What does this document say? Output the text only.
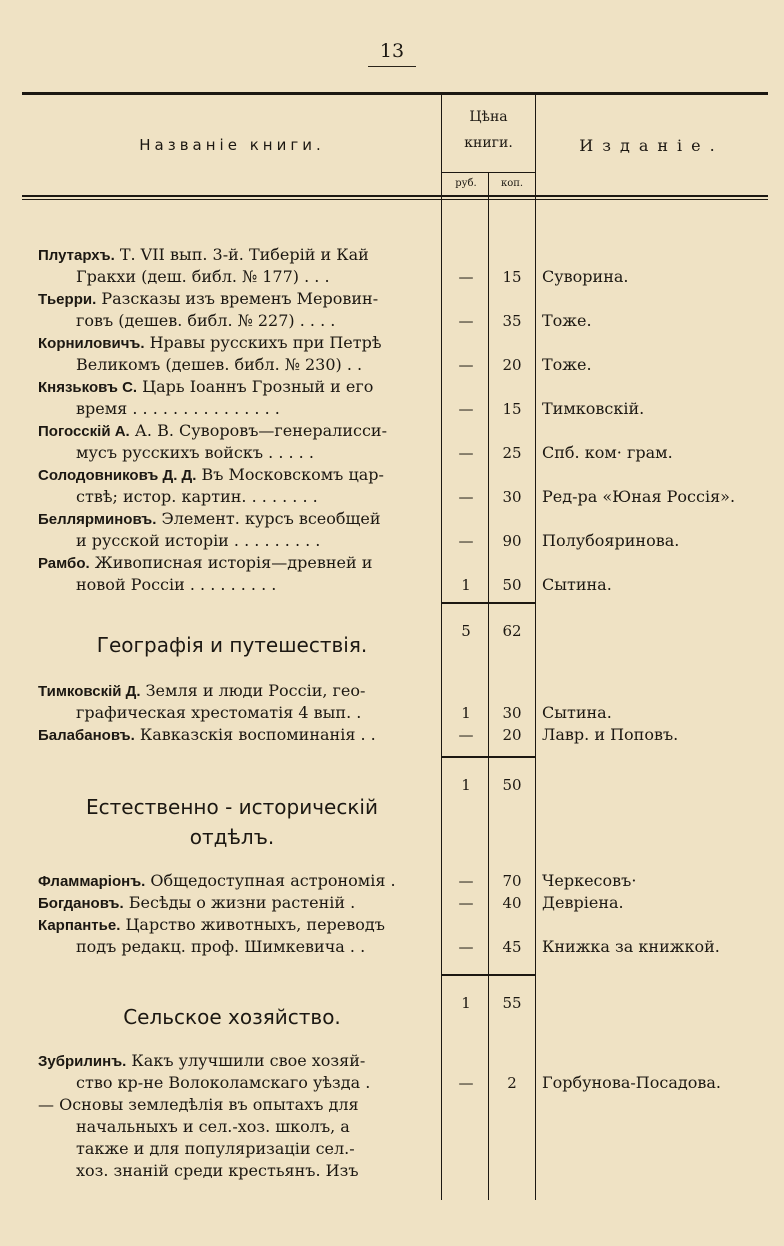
13
Названіе книги.
Цѣна
книги.
руб.	коп.
Изданіе.
Плутархъ. Т. VII вып. 3-й. Тиберій и Кай
Гракхи (деш. библ. № 177) . . .	—	15	Суворина.
Тьерри. Разсказы изъ временъ Меровин-
говъ (дешев. библ. № 227) . . . .	—	35	Тоже.
Корниловичъ. Нравы русскихъ при Петрѣ
Великомъ (дешев. библ. № 230) . .	—	20	Тоже.
Князьковъ С. Царь Іоаннъ Грозный и его
время . . . . . . . . . . . . . . .	—	15	Тимковскій.
Погосскій А. А. В. Суворовъ—генералисси-
мусъ русскихъ войскъ . . . . .	—	25	Спб. ком· грам.
Солодовниковъ Д. Д. Въ Московскомъ цар-
ствѣ; истор. картин. . . . . . . .	—	30	Ред-ра «Юная Россія».
Беллярминовъ. Элемент. курсъ всеобщей
и русской исторіи . . . . . . . . .	—	90	Полубояринова.
Рамбо. Живописная исторія—древней и
новой Россіи . . . . . . . . .	1	50	Сытина.
5	62
Географія и путешествія.
Тимковскій Д. Земля и люди Россіи, гео-
графическая хрестоматія 4 вып. .	1	30	Сытина.
Балабановъ. Кавказскія воспоминанія . .	—	20	Лавр. и Поповъ.
1	50
Естественно - историческій
отдѣлъ.
Фламмаріонъ. Общедоступная астрономія .	—	70	Черкесовъ·
Богдановъ. Бесѣды о жизни растеній .	—	40	Девріена.
Карпантье. Царство животныхъ, переводъ
подъ редакц. проф. Шимкевича . .	—	45	Книжка за книжкой.
1	55
Сельское хозяйство.
Зубрилинъ. Какъ улучшили свое хозяй-
ство кр-не Волоколамскаго уѣзда .	—	2	Горбунова-Посадова.
— Основы земледѣлія въ опытахъ для
начальныхъ и сел.-хоз. школъ, а
также и для популяризаціи сел.-
хоз. знаній среди крестьянъ. Изъ
